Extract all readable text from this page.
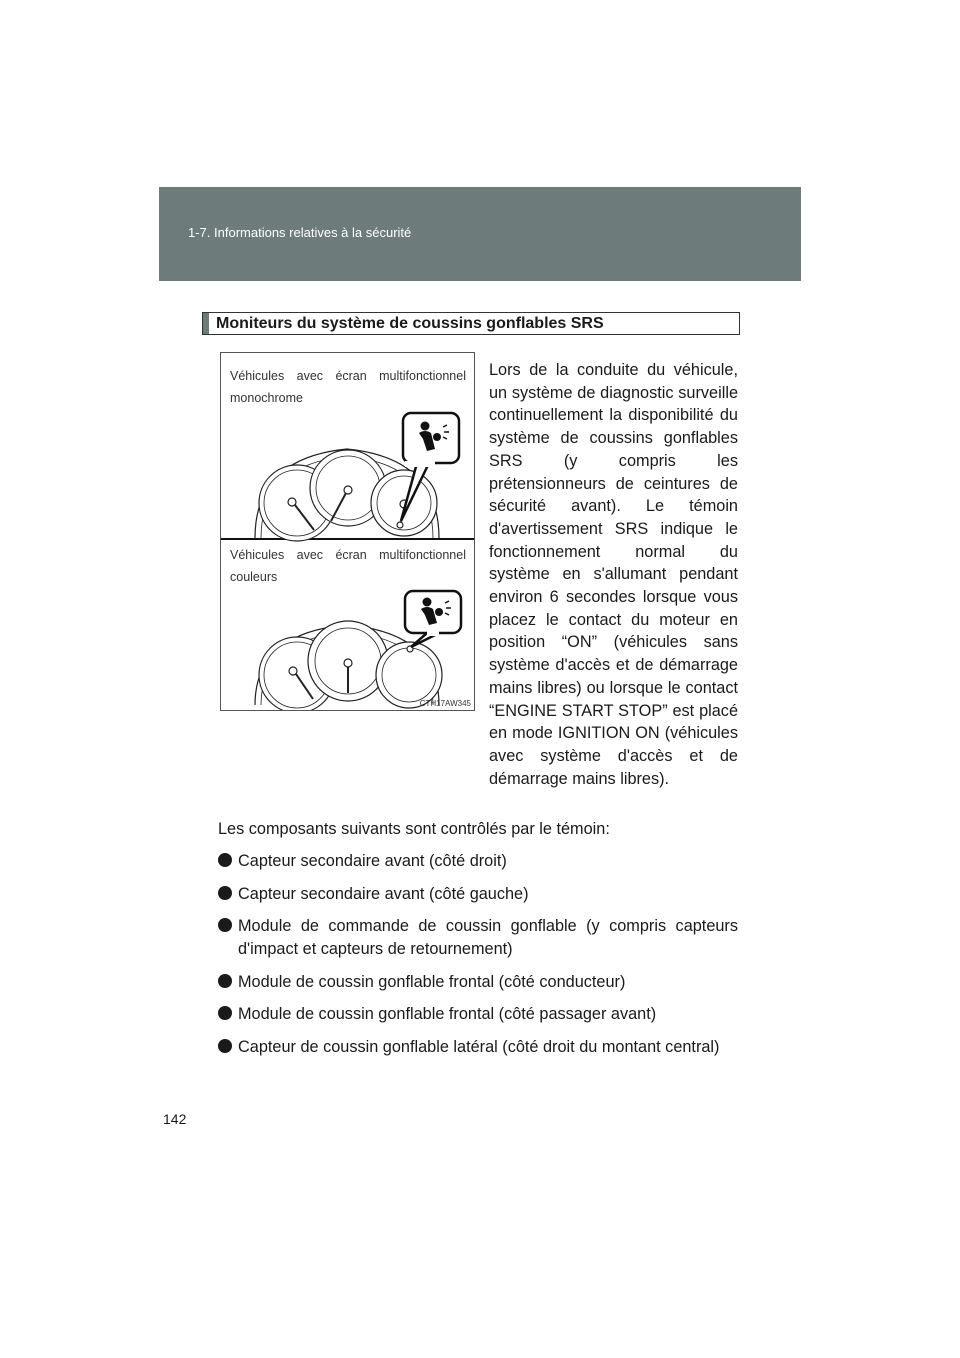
1-7. Informations relatives à la sécurité
Moniteurs du système de coussins gonflables SRS
Véhicules avec écran multifonctionnel monochrome
Véhicules avec écran multifonctionnel couleurs
CTH17AW345
Lors de la conduite du véhicule, un système de diagnostic surveille continuellement la disponibilité du système de coussins gonflables SRS (y compris les prétensionneurs de ceintures de sécurité avant). Le témoin d'avertissement SRS indique le fonctionnement normal du système en s'allumant pendant environ 6 secondes lorsque vous placez le contact du moteur en position “ON” (véhicules sans système d'accès et de démarrage mains libres) ou lorsque le contact “ENGINE START STOP” est placé en mode IGNITION ON (véhicules avec système d'accès et de démarrage mains libres).
Les composants suivants sont contrôlés par le témoin:
Capteur secondaire avant (côté droit)
Capteur secondaire avant (côté gauche)
Module de commande de coussin gonflable (y compris capteurs d'impact et capteurs de retournement)
Module de coussin gonflable frontal (côté conducteur)
Module de coussin gonflable frontal (côté passager avant)
Capteur de coussin gonflable latéral (côté droit du montant central)
142
